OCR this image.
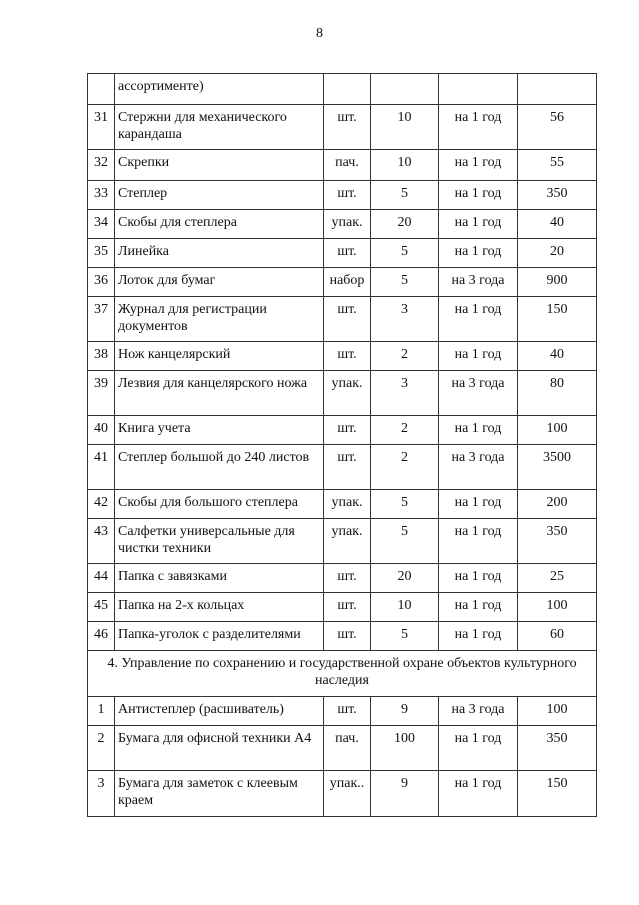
8
	ассортименте)				
31	Стержни для механического карандаша	шт.	10	на 1 год	56
32	Скрепки	пач.	10	на 1 год	55
33	Степлер	шт.	5	на 1 год	350
34	Скобы для степлера	упак.	20	на 1 год	40
35	Линейка	шт.	5	на 1 год	20
36	Лоток для бумаг	набор	5	на 3 года	900
37	Журнал для регистрации документов	шт.	3	на 1 год	150
38	Нож канцелярский	шт.	2	на 1 год	40
39	Лезвия для канцелярского ножа	упак.	3	на 3 года	80
40	Книга учета	шт.	2	на 1 год	100
41	Степлер большой до 240 листов	шт.	2	на 3 года	3500
42	Скобы для большого степлера	упак.	5	на 1 год	200
43	Салфетки универсальные для чистки техники	упак.	5	на 1 год	350
44	Папка с завязками	шт.	20	на 1 год	25
45	Папка на 2-х кольцах	шт.	10	на 1 год	100
46	Папка-уголок с разделителями	шт.	5	на 1 год	60
4. Управление по сохранению и государственной охране объектов культурного наследия					
1	Антистеплер (расшиватель)	шт.	9	на 3 года	100
2	Бумага для офисной техники А4	пач.	100	на 1 год	350
3	Бумага для заметок с клеевым краем	упак..	9	на 1 год	150
